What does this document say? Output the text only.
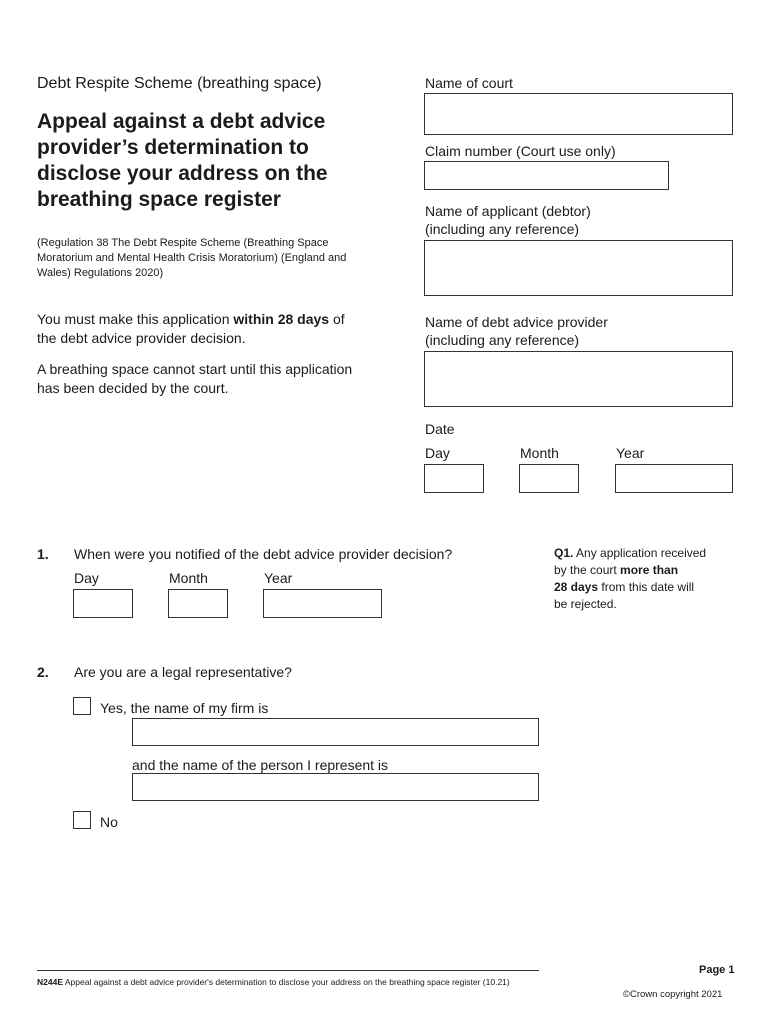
Debt Respite Scheme (breathing space)
Appeal against a debt advice
provider’s determination to
disclose your address on the
breathing space register
(Regulation 38 The Debt Respite Scheme (Breathing Space
Moratorium and Mental Health Crisis Moratorium) (England and
Wales) Regulations 2020)
You must make this application within 28 days of
the debt advice provider decision.
A breathing space cannot start until this application
has been decided by the court.
Name of court
Claim number (Court use only)
Name of applicant (debtor)
(including any reference)
Name of debt advice provider
(including any reference)
Date
Day	Month	Year
1. When were you notified of the debt advice provider decision?
Day	Month	Year
Q1. Any application received
by the court more than
28 days from this date will
be rejected.
2. Are you are a legal representative?
Yes, the name of my firm is
and the name of the person I represent is
No
Page 1
N244E Appeal against a debt advice provider's determination to disclose your address on the breathing space register (10.21)
©Crown copyright 2021
